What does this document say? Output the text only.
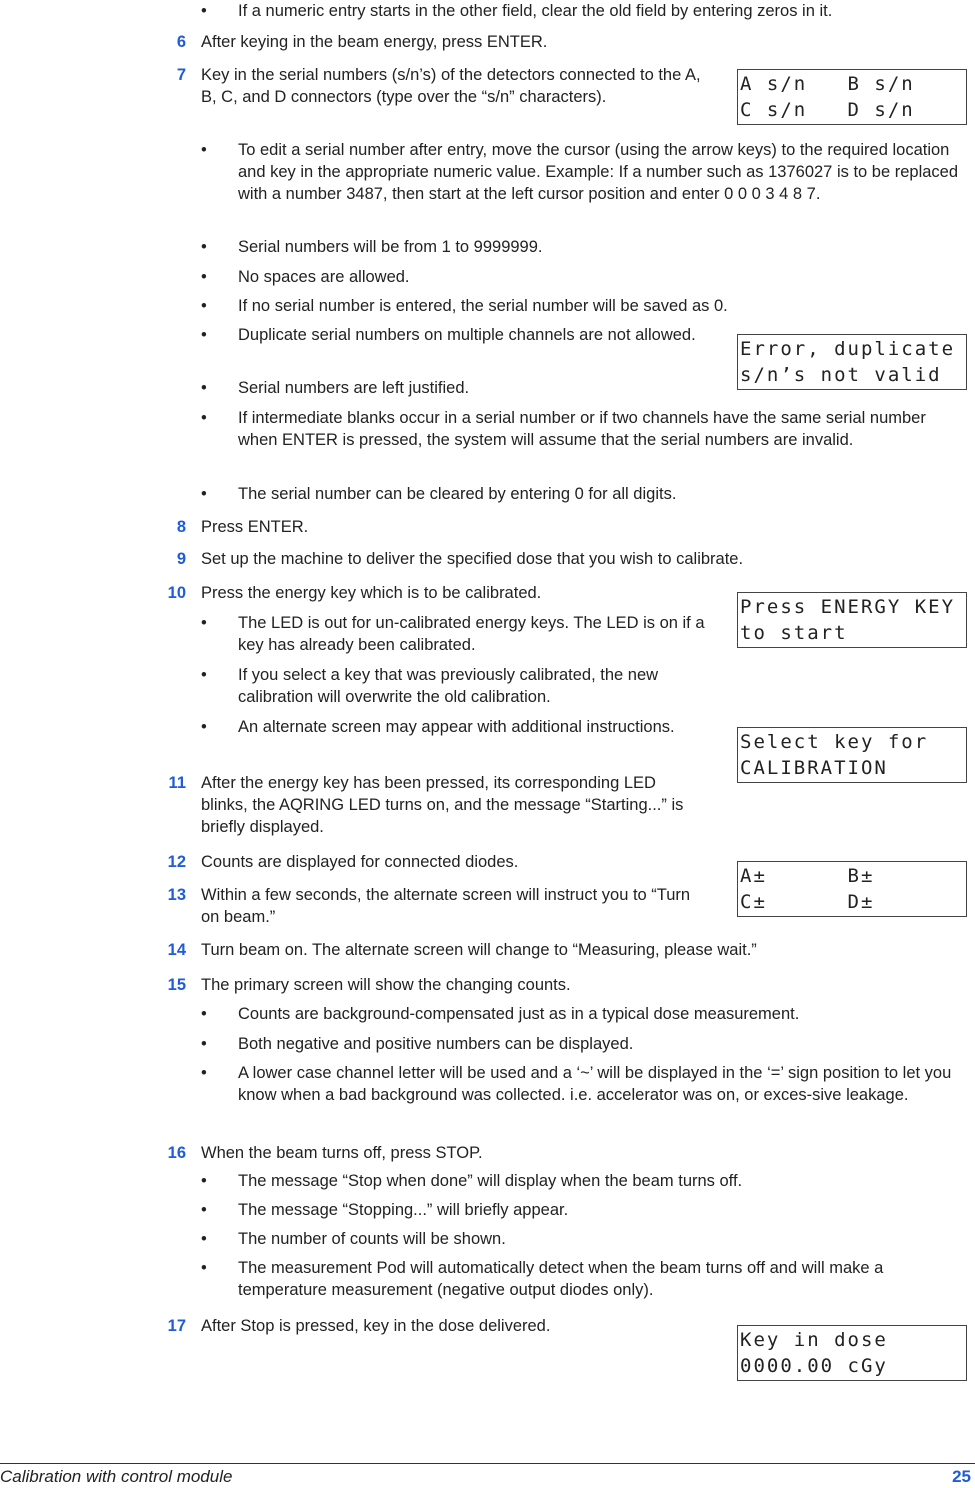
• If a numeric entry starts in the other field, clear the old field by entering zeros in it.
6 After keying in the beam energy, press ENTER.
7 Key in the serial numbers (s/n’s) of the detectors connected to the A, B, C, and D connectors (type over the “s/n” characters).
• To edit a serial number after entry, move the cursor (using the arrow keys) to the required location and key in the appropriate numeric value. Example: If a number such as 1376027 is to be replaced with a number 3487, then start at the left cursor position and enter 0 0 0 3 4 8 7.
• Serial numbers will be from 1 to 9999999.
• No spaces are allowed.
• If no serial number is entered, the serial number will be saved as 0.
• Duplicate serial numbers on multiple channels are not allowed.
• Serial numbers are left justified.
• If intermediate blanks occur in a serial number or if two channels have the same serial number when ENTER is pressed, the system will assume that the serial numbers are invalid.
• The serial number can be cleared by entering 0 for all digits.
8 Press ENTER.
9 Set up the machine to deliver the specified dose that you wish to calibrate.
10 Press the energy key which is to be calibrated.
• The LED is out for un-calibrated energy keys. The LED is on if a key has already been calibrated.
• If you select a key that was previously calibrated, the new calibration will overwrite the old calibration.
• An alternate screen may appear with additional instructions.
11 After the energy key has been pressed, its corresponding LED blinks, the AQRING LED turns on, and the message “Starting...” is briefly displayed.
12 Counts are displayed for connected diodes.
13 Within a few seconds, the alternate screen will instruct you to “Turn on beam.”
14 Turn beam on. The alternate screen will change to “Measuring, please wait.”
15 The primary screen will show the changing counts.
• Counts are background-compensated just as in a typical dose measurement.
• Both negative and positive numbers can be displayed.
• A lower case channel letter will be used and a ‘~’ will be displayed in the ‘=’ sign position to let you know when a bad background was collected. i.e. accelerator was on, or exces-sive leakage.
16 When the beam turns off, press STOP.
• The message “Stop when done” will display when the beam turns off.
• The message “Stopping...” will briefly appear.
• The number of counts will be shown.
• The measurement Pod will automatically detect when the beam turns off and will make a temperature measurement (negative output diodes only).
17 After Stop is pressed, key in the dose delivered.
A s/n   B s/n
C s/n   D s/n
Error, duplicate
s/n’s not valid
Press ENERGY KEY
to start
Select key for
CALIBRATION
A±      B±
C±      D±
Key in dose
0000.00 cGy
Calibration with control module	25
